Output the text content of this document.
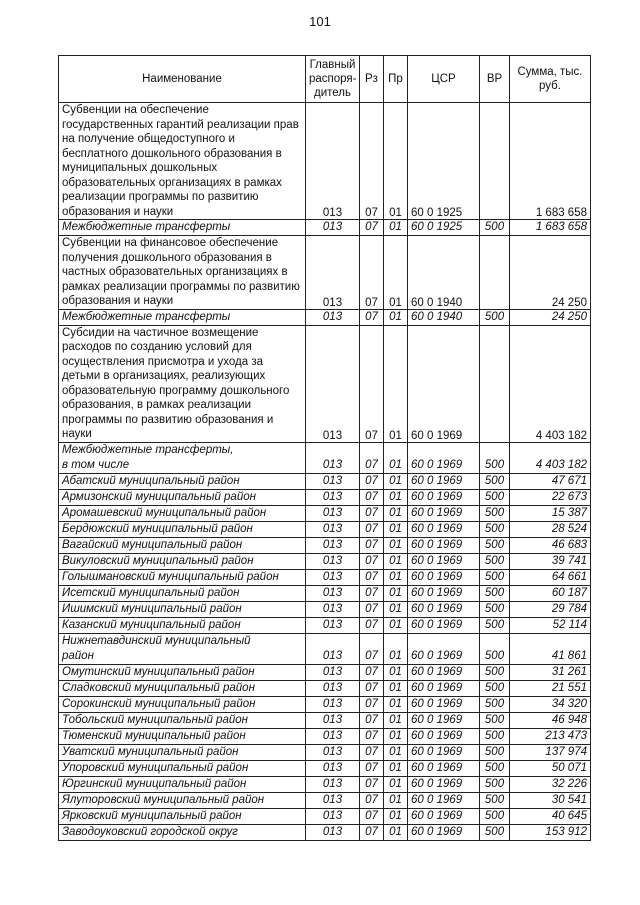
101
Наименование	Главный распоря-дитель	Рз	Пр	ЦСР	ВР	Сумма, тыс. руб.
Субвенции на обеспечение государственных гарантий реализации прав на получение общедоступного и бесплатного дошкольного образования в муниципальных дошкольных образовательных организациях в рамках реализации программы по развитию образования и науки	013	07	01	60 0 1925		1 683 658
Межбюджетные трансферты	013	07	01	60 0 1925	500	1 683 658
Субвенции на финансовое обеспечение получения дошкольного образования в частных образовательных организациях в рамках реализации программы по развитию образования и науки	013	07	01	60 0 1940		24 250
Межбюджетные трансферты	013	07	01	60 0 1940	500	24 250
Субсидии на частичное возмещение расходов по созданию условий для осуществления присмотра и ухода за детьми в организациях, реализующих образовательную программу дошкольного образования, в рамках реализации программы по развитию образования и науки	013	07	01	60 0 1969		4 403 182
Межбюджетные трансферты,
в том числе	013	07	01	60 0 1969	500	4 403 182
Абатский муниципальный район	013	07	01	60 0 1969	500	47 671
Армизонский муниципальный район	013	07	01	60 0 1969	500	22 673
Аромашевский муниципальный район	013	07	01	60 0 1969	500	15 387
Бердюжский муниципальный район	013	07	01	60 0 1969	500	28 524
Вагайский муниципальный район	013	07	01	60 0 1969	500	46 683
Викуловский муниципальный район	013	07	01	60 0 1969	500	39 741
Голышмановский муниципальный район	013	07	01	60 0 1969	500	64 661
Исетский муниципальный район	013	07	01	60 0 1969	500	60 187
Ишимский муниципальный район	013	07	01	60 0 1969	500	29 784
Казанский муниципальный район	013	07	01	60 0 1969	500	52 114
Нижнетавдинский муниципальный
район	013	07	01	60 0 1969	500	41 861
Омутинский муниципальный район	013	07	01	60 0 1969	500	31 261
Сладковский муниципальный район	013	07	01	60 0 1969	500	21 551
Сорокинский муниципальный район	013	07	01	60 0 1969	500	34 320
Тобольский муниципальный район	013	07	01	60 0 1969	500	46 948
Тюменский муниципальный район	013	07	01	60 0 1969	500	213 473
Уватский муниципальный район	013	07	01	60 0 1969	500	137 974
Упоровский муниципальный район	013	07	01	60 0 1969	500	50 071
Юргинский муниципальный район	013	07	01	60 0 1969	500	32 226
Ялуторовский муниципальный район	013	07	01	60 0 1969	500	30 541
Ярковский муниципальный район	013	07	01	60 0 1969	500	40 645
Заводоуковский городской округ	013	07	01	60 0 1969	500	153 912
